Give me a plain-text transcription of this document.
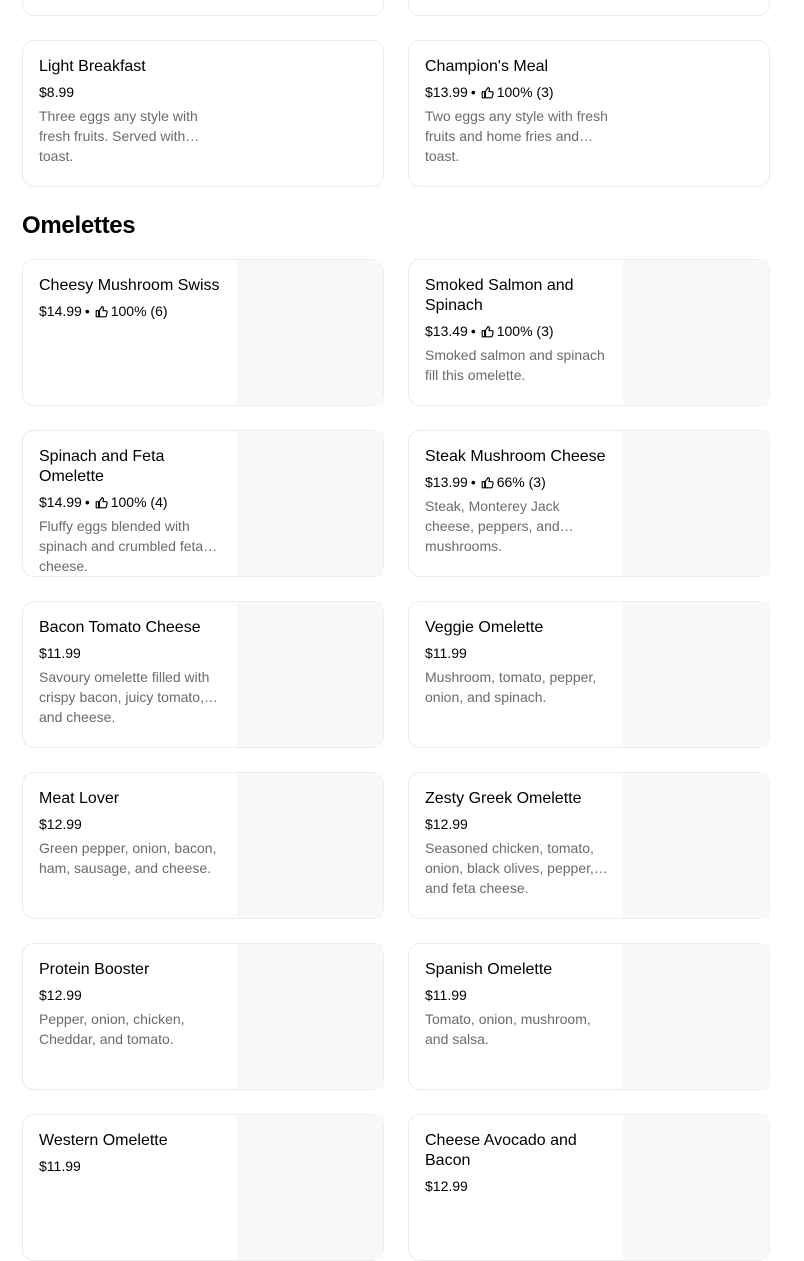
Light Breakfast
$8.99
Three eggs any style with fresh fruits. Served with toast.
Champion's Meal
$13.99 • 100% (3)
Two eggs any style with fresh fruits and home fries and toast.
Omelettes
Cheesy Mushroom Swiss
$14.99 • 100% (6)
Smoked Salmon and Spinach
$13.49 • 100% (3)
Smoked salmon and spinach fill this omelette.
Spinach and Feta Omelette
$14.99 • 100% (4)
Fluffy eggs blended with spinach and crumbled feta cheese.
Steak Mushroom Cheese
$13.99 • 66% (3)
Steak, Monterey Jack cheese, peppers, and mushrooms.
Bacon Tomato Cheese
$11.99
Savoury omelette filled with crispy bacon, juicy tomato, and cheese.
Veggie Omelette
$11.99
Mushroom, tomato, pepper, onion, and spinach.
Meat Lover
$12.99
Green pepper, onion, bacon, ham, sausage, and cheese.
Zesty Greek Omelette
$12.99
Seasoned chicken, tomato, onion, black olives, pepper, and feta cheese.
Protein Booster
$12.99
Pepper, onion, chicken, Cheddar, and tomato.
Spanish Omelette
$11.99
Tomato, onion, mushroom, and salsa.
Western Omelette
$11.99
Cheese Avocado and Bacon
$12.99
